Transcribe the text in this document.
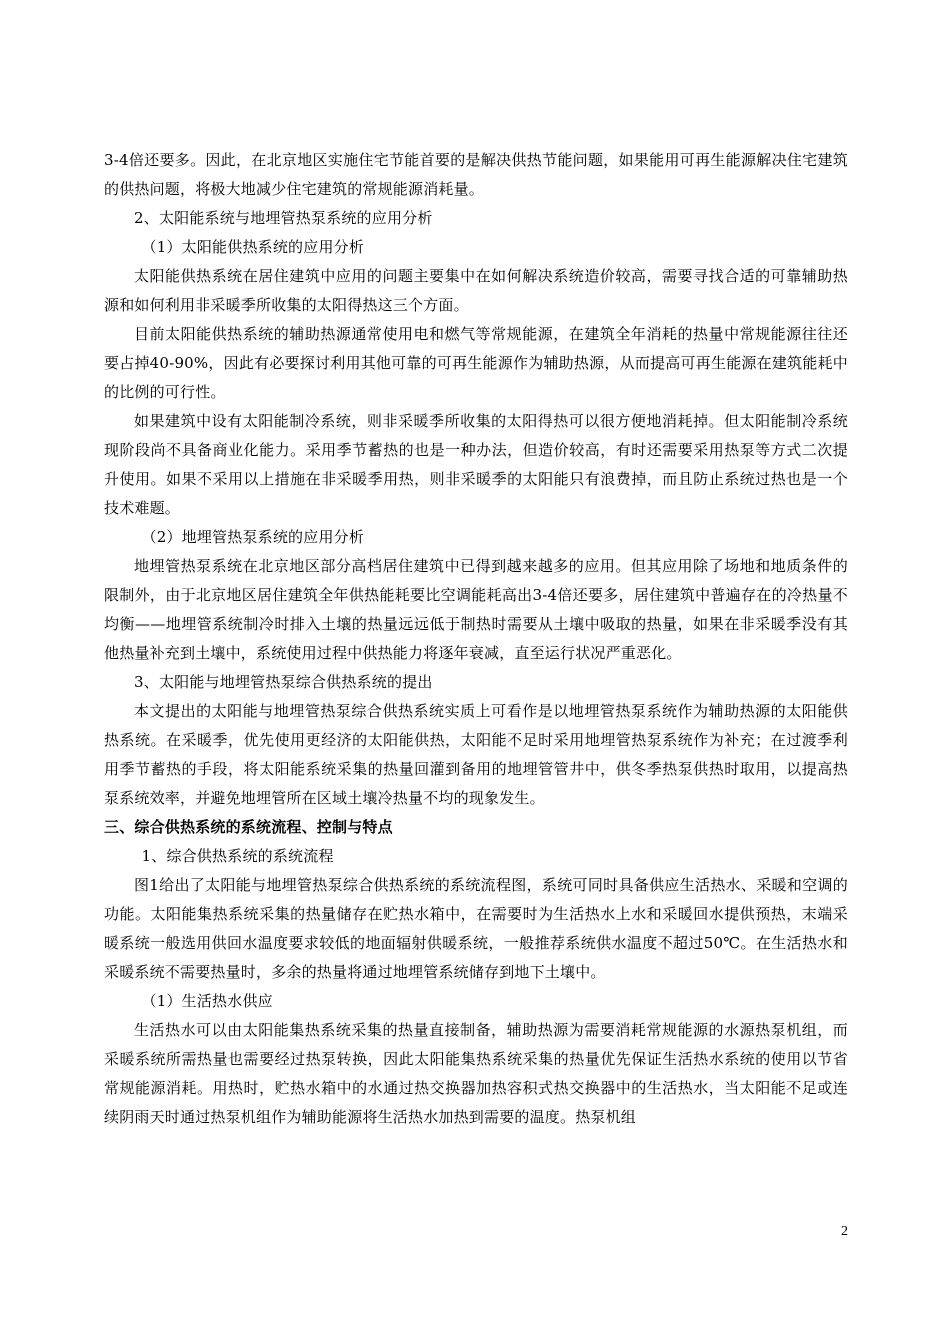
3-4倍还要多。因此，在北京地区实施住宅节能首要的是解决供热节能问题，如果能用可再生能源解决住宅建筑的供热问题，将极大地减少住宅建筑的常规能源消耗量。

2、太阳能系统与地埋管热泵系统的应用分析

（1）太阳能供热系统的应用分析

太阳能供热系统在居住建筑中应用的问题主要集中在如何解决系统造价较高，需要寻找合适的可靠辅助热源和如何利用非采暖季所收集的太阳得热这三个方面。

目前太阳能供热系统的辅助热源通常使用电和燃气等常规能源，在建筑全年消耗的热量中常规能源往往还要占掉40-90%，因此有必要探讨利用其他可靠的可再生能源作为辅助热源，从而提高可再生能源在建筑能耗中的比例的可行性。

如果建筑中设有太阳能制冷系统，则非采暖季所收集的太阳得热可以很方便地消耗掉。但太阳能制冷系统现阶段尚不具备商业化能力。采用季节蓄热的也是一种办法，但造价较高，有时还需要采用热泵等方式二次提升使用。如果不采用以上措施在非采暖季用热，则非采暖季的太阳能只有浪费掉，而且防止系统过热也是一个技术难题。

（2）地埋管热泵系统的应用分析

地埋管热泵系统在北京地区部分高档居住建筑中已得到越来越多的应用。但其应用除了场地和地质条件的限制外，由于北京地区居住建筑全年供热能耗要比空调能耗高出3-4倍还要多，居住建筑中普遍存在的冷热量不均衡——地埋管系统制冷时排入土壤的热量远远低于制热时需要从土壤中吸取的热量，如果在非采暖季没有其他热量补充到土壤中，系统使用过程中供热能力将逐年衰减，直至运行状况严重恶化。

3、太阳能与地埋管热泵综合供热系统的提出

本文提出的太阳能与地埋管热泵综合供热系统实质上可看作是以地埋管热泵系统作为辅助热源的太阳能供热系统。在采暖季，优先使用更经济的太阳能供热，太阳能不足时采用地埋管热泵系统作为补充；在过渡季利用季节蓄热的手段，将太阳能系统采集的热量回灌到备用的地埋管管井中，供冬季热泵供热时取用，以提高热泵系统效率，并避免地埋管所在区域土壤冷热量不均的现象发生。

三、综合供热系统的系统流程、控制与特点

1、综合供热系统的系统流程

图1给出了太阳能与地埋管热泵综合供热系统的系统流程图，系统可同时具备供应生活热水、采暖和空调的功能。太阳能集热系统采集的热量储存在贮热水箱中，在需要时为生活热水上水和采暖回水提供预热，末端采暖系统一般选用供回水温度要求较低的地面辐射供暖系统，一般推荐系统供水温度不超过50℃。在生活热水和采暖系统不需要热量时，多余的热量将通过地埋管系统储存到地下土壤中。

（1）生活热水供应

生活热水可以由太阳能集热系统采集的热量直接制备，辅助热源为需要消耗常规能源的水源热泵机组，而采暖系统所需热量也需要经过热泵转换，因此太阳能集热系统采集的热量优先保证生活热水系统的使用以节省常规能源消耗。用热时，贮热水箱中的水通过热交换器加热容积式热交换器中的生活热水，当太阳能不足或连续阴雨天时通过热泵机组作为辅助能源将生活热水加热到需要的温度。热泵机组

2
